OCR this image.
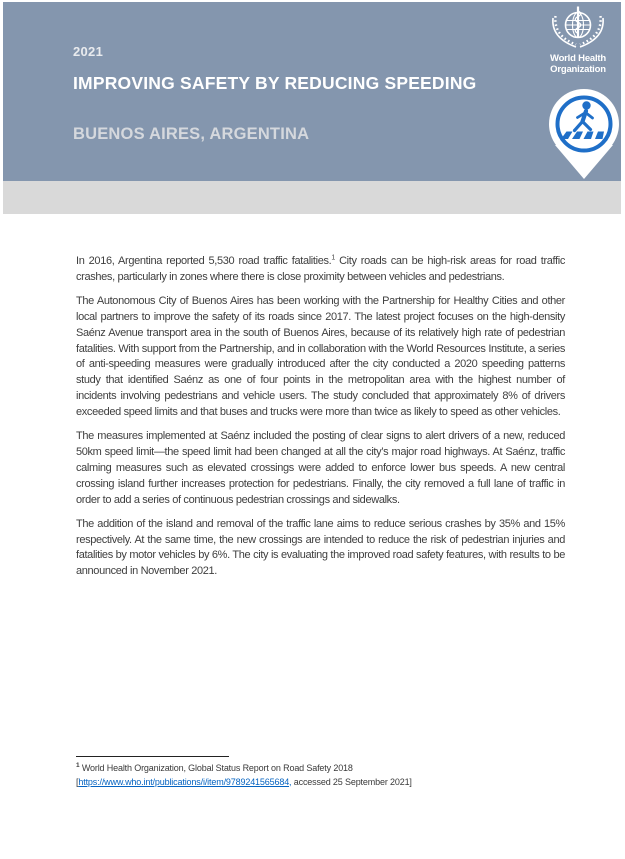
2021
IMPROVING SAFETY BY REDUCING SPEEDING
BUENOS AIRES, ARGENTINA
World Health
Organization

In 2016, Argentina reported 5,530 road traffic fatalities.$^1$ City roads can be high-risk areas for road traffic crashes, particularly in zones where there is close proximity between vehicles and pedestrians.

The Autonomous City of Buenos Aires has been working with the Partnership for Healthy Cities and other local partners to improve the safety of its roads since 2017. The latest project focuses on the high-density Saénz Avenue transport area in the south of Buenos Aires, because of its relatively high rate of pedestrian fatalities. With support from the Partnership, and in collaboration with the World Resources Institute, a series of anti-speeding measures were gradually introduced after the city conducted a 2020 speeding patterns study that identified Saénz as one of four points in the metropolitan area with the highest number of incidents involving pedestrians and vehicle users. The study concluded that approximately 8% of drivers exceeded speed limits and that buses and trucks were more than twice as likely to speed as other vehicles.

The measures implemented at Saénz included the posting of clear signs to alert drivers of a new, reduced 50km speed limit—the speed limit had been changed at all the city’s major road highways. At Saénz, traffic calming measures such as elevated crossings were added to enforce lower bus speeds. A new central crossing island further increases protection for pedestrians. Finally, the city removed a full lane of traffic in order to add a series of continuous pedestrian crossings and sidewalks.

The addition of the island and removal of the traffic lane aims to reduce serious crashes by 35% and 15% respectively. At the same time, the new crossings are intended to reduce the risk of pedestrian injuries and fatalities by motor vehicles by 6%. The city is evaluating the improved road safety features, with results to be announced in November 2021.

$^1$ World Health Organization, Global Status Report on Road Safety 2018
[https://www.who.int/publications/i/item/9789241565684, accessed 25 September 2021]
